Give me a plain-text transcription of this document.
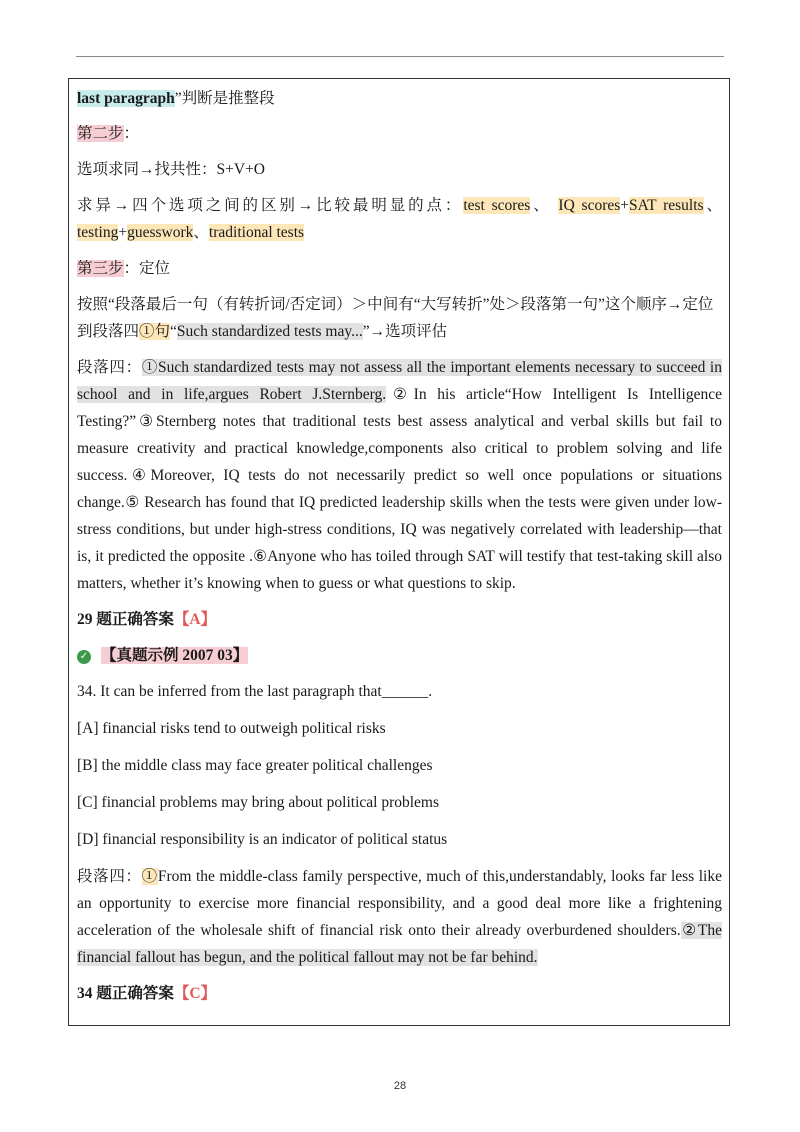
last paragraph”判断是推整段

第二步：

选项求同→找共性：S+V+O

求异→四个选项之间的区别→比较最明显的点：test scores、 IQ scores+SAT results、 testing+guesswork、traditional tests

第三步：定位

按照“段落最后一句（有转折词/否定词）＞中间有“大写转折”处＞段落第一句”这个顺序→定位到段落四①句“Such standardized tests may...”→选项评估

段落四：①Such standardized tests may not assess all the important elements necessary to succeed in school and in life,argues Robert J.Sternberg.②In his article“How Intelligent Is Intelligence Testing?”③Sternberg notes that traditional tests best assess analytical and verbal skills but fail to measure creativity and practical knowledge,components also critical to problem solving and life success.④Moreover, IQ tests do not necessarily predict so well once populations or situations change.⑤ Research has found that IQ predicted leadership skills when the tests were given under low-stress conditions, but under high-stress conditions, IQ was negatively correlated with leadership—that is, it predicted the opposite .⑥Anyone who has toiled through SAT will testify that test-taking skill also matters, whether it’s knowing when to guess or what questions to skip.

29 题正确答案【A】

✓ 【真题示例 2007 03】

34. It can be inferred from the last paragraph that______.

[A] financial risks tend to outweigh political risks

[B] the middle class may face greater political challenges

[C] financial problems may bring about political problems

[D] financial responsibility is an indicator of political status

段落四：①From the middle-class family perspective, much of this,understandably, looks far less like an opportunity to exercise more financial responsibility, and a good deal more like a frightening acceleration of the wholesale shift of financial risk onto their already overburdened shoulders.②The financial fallout has begun, and the political fallout may not be far behind.

34 题正确答案【C】

28
